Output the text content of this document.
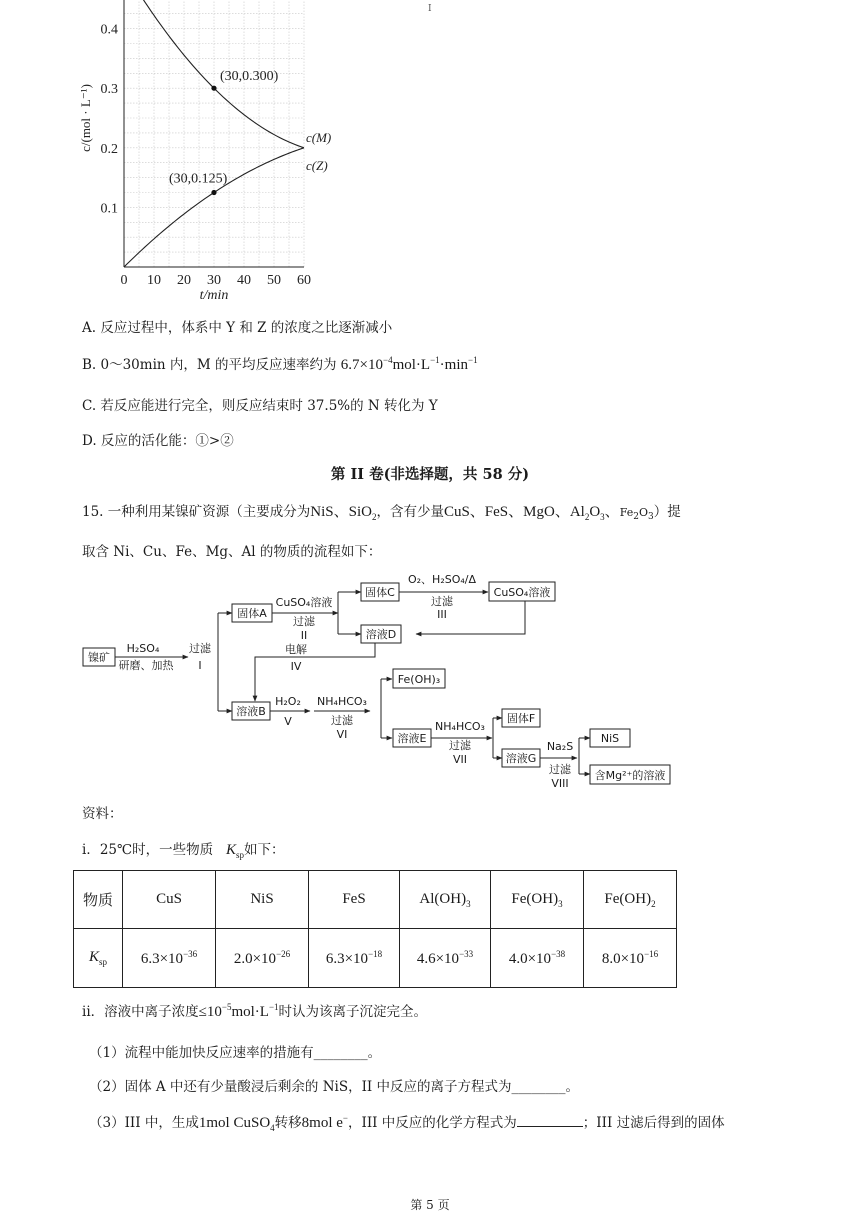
I
0.1
0.2
0.3
0.4
0 10 20 30 40 50 60
(30,0.300)
(30,0.125)
c(M)
c(Z)
t/min
c/(mol · L⁻¹)
A. 反应过程中，体系中 Y 和 Z 的浓度之比逐渐减小
B. 0～30min 内，M 的平均反应速率约为 $6.7\times 10^{-4}mol\cdot L^{-1}\cdot\min^{-1}$
C. 若反应能进行完全，则反应结束时 37.5%的 N 转化为 Y
D. 反应的活化能：①>②
第 II 卷(非选择题，共 58 分)
15. 一种利用某镍矿资源（主要成分为NiS、SiO$_2$，含有少量CuS、FeS、MgO、$Al_2O_3$、$Fe_2O_3$）提
取含 Ni、Cu、Fe、Mg、Al 的物质的流程如下：
镍矿
H₂SO₄
研磨、加热
过滤
I
固体A
CuSO₄溶液
过滤
II
固体C
O₂、H₂SO₄/Δ
过滤
III
CuSO₄溶液
溶液D
电解
IV
溶液B
H₂O₂
V
NH₄HCO₃
过滤
VI
Fe(OH)₃
溶液E
NH₄HCO₃
过滤
VII
固体F
溶液G
Na₂S
过滤
VIII
NiS
含Mg²⁺的溶液
资料：
i．25℃时，一些物质 $K_{sp}$如下：
物质	CuS	NiS	FeS	$Al(OH)_3$	$Fe(OH)_3$	$Fe(OH)_2$
$K_{sp}$	$6.3\times 10^{-36}$	$2.0\times 10^{-26}$	$6.3\times 10^{-18}$	$4.6\times 10^{-33}$	$4.0\times 10^{-38}$	$8.0\times 10^{-16}$
ii．溶液中离子浓度$\le 10^{-5}mol\cdot L^{-1}$时认为该离子沉淀完全。
（1）流程中能加快反应速率的措施有________。
（2）固体 A 中还有少量酸浸后剩余的 NiS，II 中反应的离子方程式为________。
（3）III 中，生成1mol CuSO$_4$转移8mol e−，III 中反应的化学方程式为	；III 过滤后得到的固体
第 5 页
